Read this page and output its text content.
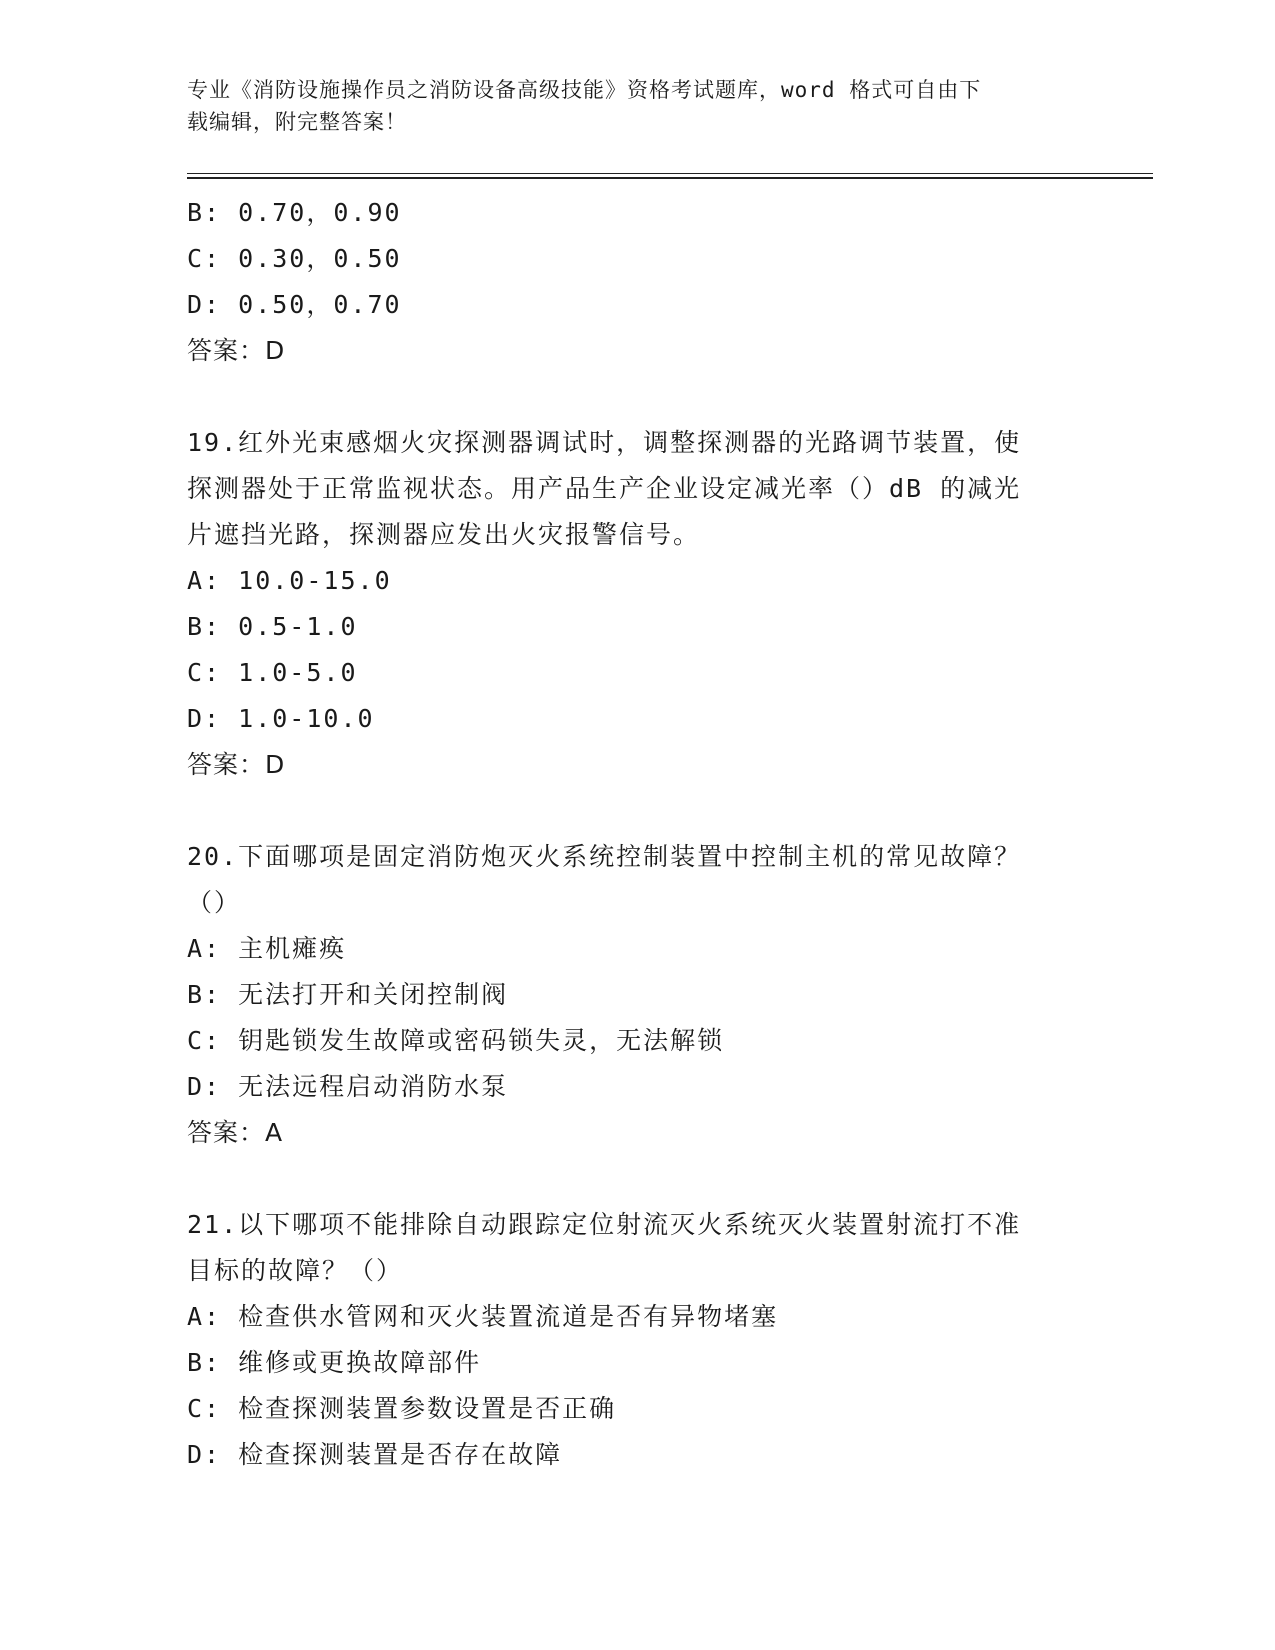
专业《消防设施操作员之消防设备高级技能》资格考试题库，word 格式可自由下
载编辑，附完整答案！
B: 0.70，0.90
C: 0.30，0.50
D: 0.50，0.70
答案：D
19.红外光束感烟火灾探测器调试时，调整探测器的光路调节装置，使
探测器处于正常监视状态。用产品生产企业设定减光率（）dB 的减光
片遮挡光路，探测器应发出火灾报警信号。
A: 10.0-15.0
B: 0.5-1.0
C: 1.0-5.0
D: 1.0-10.0
答案：D
20.下面哪项是固定消防炮灭火系统控制装置中控制主机的常见故障？
（）
A: 主机瘫痪
B: 无法打开和关闭控制阀
C: 钥匙锁发生故障或密码锁失灵，无法解锁
D: 无法远程启动消防水泵
答案：A
21.以下哪项不能排除自动跟踪定位射流灭火系统灭火装置射流打不准
目标的故障？（）
A: 检查供水管网和灭火装置流道是否有异物堵塞
B: 维修或更换故障部件
C: 检查探测装置参数设置是否正确
D: 检查探测装置是否存在故障
